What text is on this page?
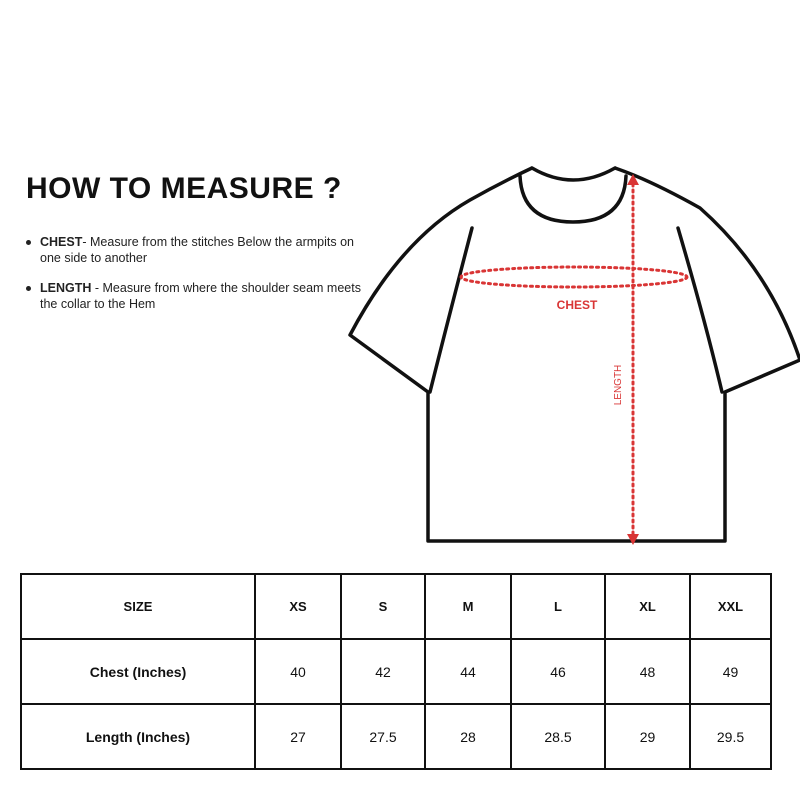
HOW TO MEASURE ?
CHEST- Measure from the stitches Below the armpits on one side to another
LENGTH - Measure from where the shoulder seam meets the collar to the Hem	CHEST
LENGTH
SIZE	XS	S	M	L	XL	XXL
Chest (Inches)	40	42	44	46	48	49
Length (Inches)	27	27.5	28	28.5	29	29.5
